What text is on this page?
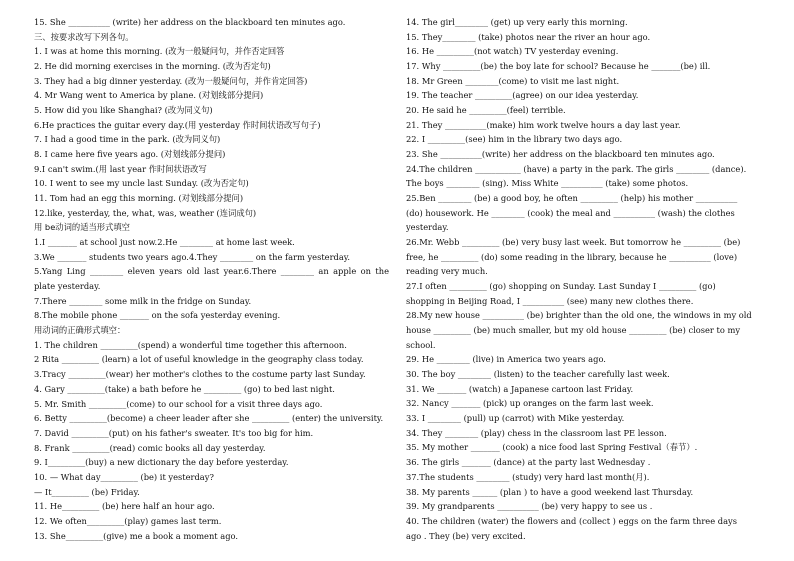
15. She __________ (write) her address on the blackboard ten minutes ago.
三、按要求改写下列各句。
1. I was at home this morning. (改为一般疑问句，并作否定回答
2. He did morning exercises in the morning. (改为否定句)
3. They had a big dinner yesterday. (改为一般疑问句，并作肯定回答)
4. Mr Wang went to America by plane. (对划线部分提问)
5. How did you like Shanghai? (改为同义句)
6.He practices the guitar every day.(用 yesterday 作时间状语改写句子)
7. I had a good time in the park. (改为同义句)
8. I came here five years ago. (对划线部分提问)
9.I can't swim.(用 last year 作时间状语改写
10. I went to see my uncle last Sunday. (改为否定句)
11. Tom had an egg this morning. (对划线部分提问)
12.like, yesterday, the, what, was, weather (连词成句)
用 be动词的适当形式填空
1.I _______ at school just now.2.He ________ at home last week.
3.We _______ students two years ago.4.They ________ on the farm yesterday.
5.Yang Ling ________ eleven years old last year.6.There ________ an apple on the plate yesterday.
7.There ________ some milk in the fridge on Sunday.
8.The mobile phone _______ on the sofa yesterday evening.
用动词的正确形式填空：
1. The children _________(spend) a wonderful time together this afternoon.
2 Rita _________ (learn) a lot of useful knowledge in the geography class today.
3.Tracy _________(wear) her mother's clothes to the costume party last Sunday.
4. Gary _________(take) a bath before he _________ (go) to bed last night.
5. Mr. Smith _________(come) to our school for a visit three days ago.
6. Betty _________(become) a cheer leader after she _________ (enter) the university.
7. David _________(put) on his father's sweater. It's too big for him.
8. Frank _________(read) comic books all day yesterday.
9. I_________(buy) a new dictionary the day before yesterday.
10. — What day_________ (be) it yesterday?
— It_________ (be) Friday.
11. He_________ (be) here half an hour ago.
12. We often_________(play) games last term.
13. She_________(give) me a book a moment ago.
14. The girl________ (get) up very early this morning.
15. They________ (take) photos near the river an hour ago.
16. He _________(not watch) TV yesterday evening.
17. Why _________(be) the boy late for school? Because he _______(be) ill.
18. Mr Green ________(come) to visit me last night.
19. The teacher _________(agree) on our idea yesterday.
20. He said he _________(feel) terrible.
21. They __________(make) him work twelve hours a day last year.
22. I _________(see) him in the library two days ago.
23. She __________(write) her address on the blackboard ten minutes ago.
24.The children ___________ (have) a party in the park. The girls ________ (dance).
The boys ________ (sing). Miss White __________ (take) some photos.
25.Ben ________ (be) a good boy, he often _________ (help) his mother __________
(do) housework. He ________ (cook) the meal and __________ (wash) the clothes
yesterday.
26.Mr. Webb _________ (be) very busy last week. But tomorrow he _________ (be)
free, he _________ (do) some reading in the library, because he __________ (love)
reading very much.
27.I often _________ (go) shopping on Sunday. Last Sunday I _________ (go)
shopping in Beijing Road, I __________ (see) many new clothes there.
28.My new house __________ (be) brighter than the old one, the windows in my old
house _________ (be) much smaller, but my old house _________ (be) closer to my
school.
29. He ________ (live) in America two years ago.
30. The boy ________ (listen) to the teacher carefully last week.
31. We _______ (watch) a Japanese cartoon last Friday.
32. Nancy _______ (pick) up oranges on the farm last week.
33. I ________ (pull) up (carrot) with Mike yesterday.
34. They ________ (play) chess in the classroom last PE lesson.
35. My mother _______ (cook) a nice food last Spring Festival（春节）.
36. The girls _______ (dance) at the party last Wednesday .
37.The students ________ (study) very hard last month(月).
38. My parents ______ (plan ) to have a good weekend last Thursday.
39. My grandparents __________ (be) very happy to see us .
40. The children (water) the flowers and (collect ) eggs on the farm three days
ago . They (be) very excited.
